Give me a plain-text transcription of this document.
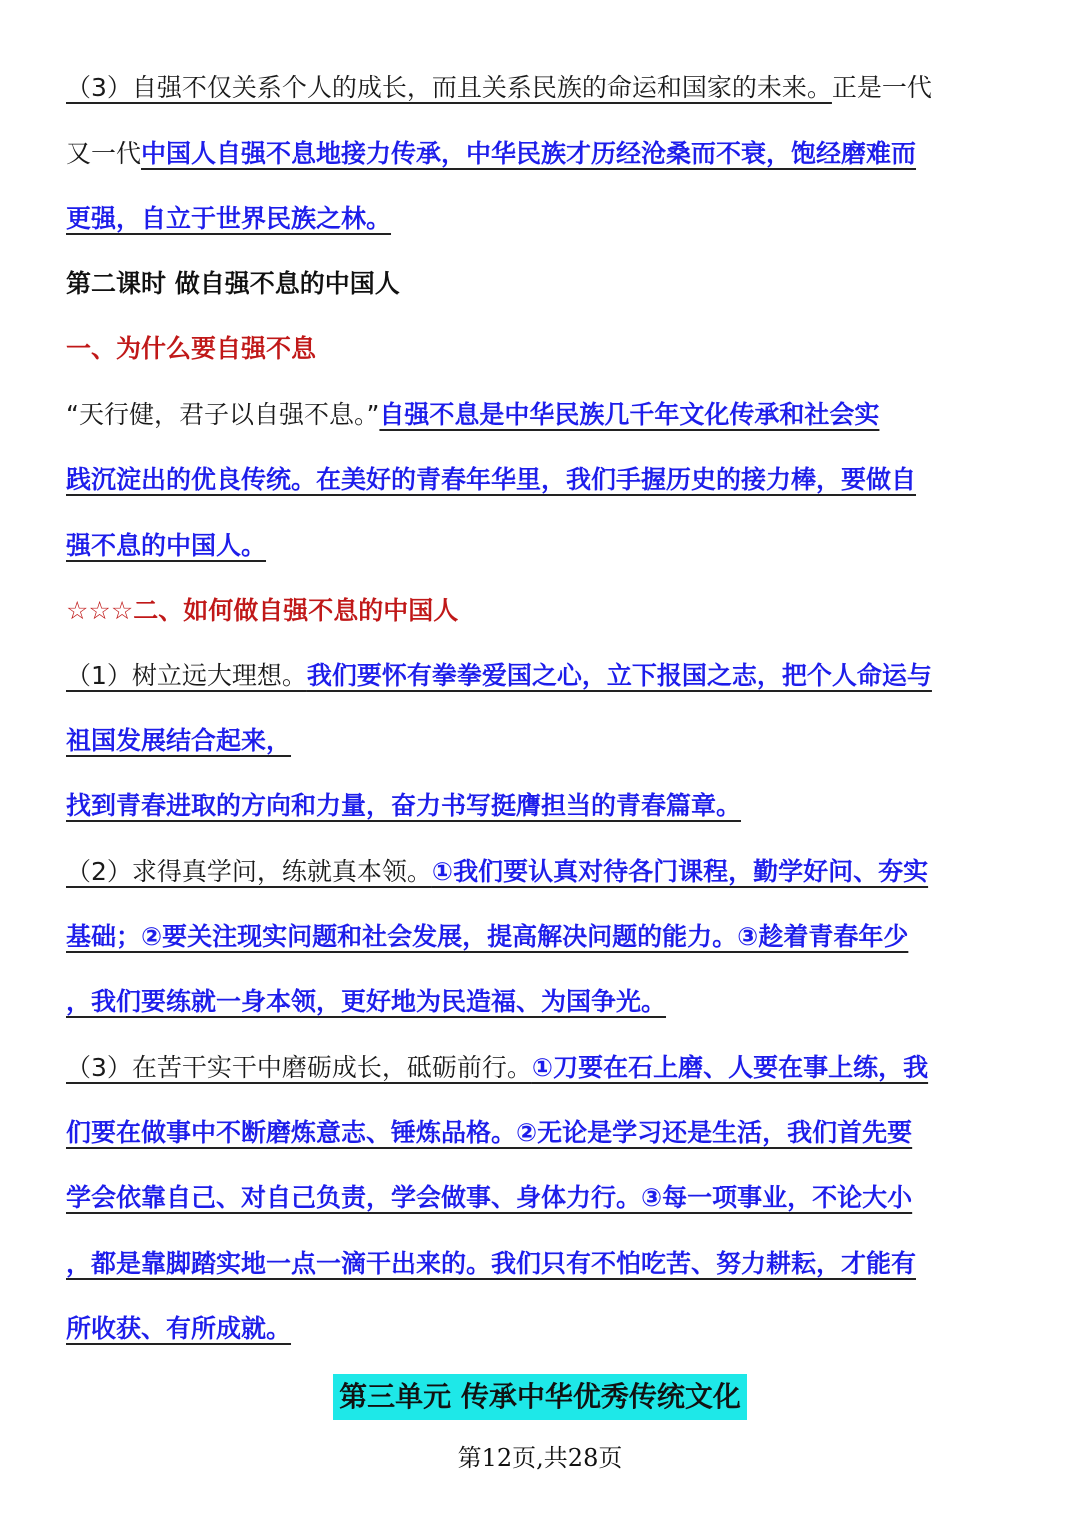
（3）自强不仅关系个人的成长，而且关系民族的命运和国家的未来。正是一代
又一代中国人自强不息地接力传承，中华民族才历经沧桑而不衰，饱经磨难而
更强，自立于世界民族之林。
第二课时 做自强不息的中国人
一、为什么要自强不息
“天行健，君子以自强不息。”自强不息是中华民族几千年文化传承和社会实
践沉淀出的优良传统。在美好的青春年华里，我们手握历史的接力棒，要做自
强不息的中国人。
☆☆☆二、如何做自强不息的中国人
（1）树立远大理想。我们要怀有拳拳爱国之心，立下报国之志，把个人命运与
祖国发展结合起来，
找到青春进取的方向和力量，奋力书写挺膺担当的青春篇章。
（2）求得真学问，练就真本领。①我们要认真对待各门课程，勤学好问、夯实
基础；②要关注现实问题和社会发展，提高解决问题的能力。③趁着青春年少
，我们要练就一身本领，更好地为民造福、为国争光。
（3）在苦干实干中磨砺成长，砥砺前行。①刀要在石上磨、人要在事上练，我
们要在做事中不断磨炼意志、锤炼品格。②无论是学习还是生活，我们首先要
学会依靠自己、对自己负责，学会做事、身体力行。③每一项事业，不论大小
，都是靠脚踏实地一点一滴干出来的。我们只有不怕吃苦、努力耕耘，才能有
所收获、有所成就。
第三单元 传承中华优秀传统文化
第12页,共28页
